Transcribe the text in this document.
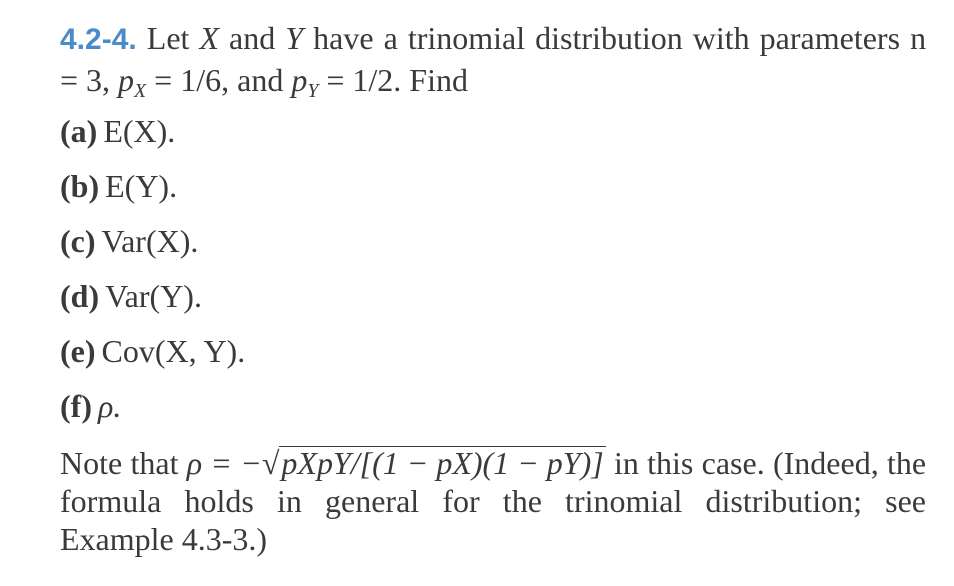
4.2-4. Let X and Y have a trinomial distribution with parameters n = 3, $p_X = 1/6$, and $p_Y = 1/2$. Find
(a) E(X).
(b) E(Y).
(c) Var(X).
(d) Var(Y).
(e) Cov(X, Y).
(f) ρ.
Note that ρ = −√pXpY/[(1 − pX)(1 − pY)] in this case. (Indeed, the formula holds in general for the trinomial distribution; see Example 4.3-3.)
